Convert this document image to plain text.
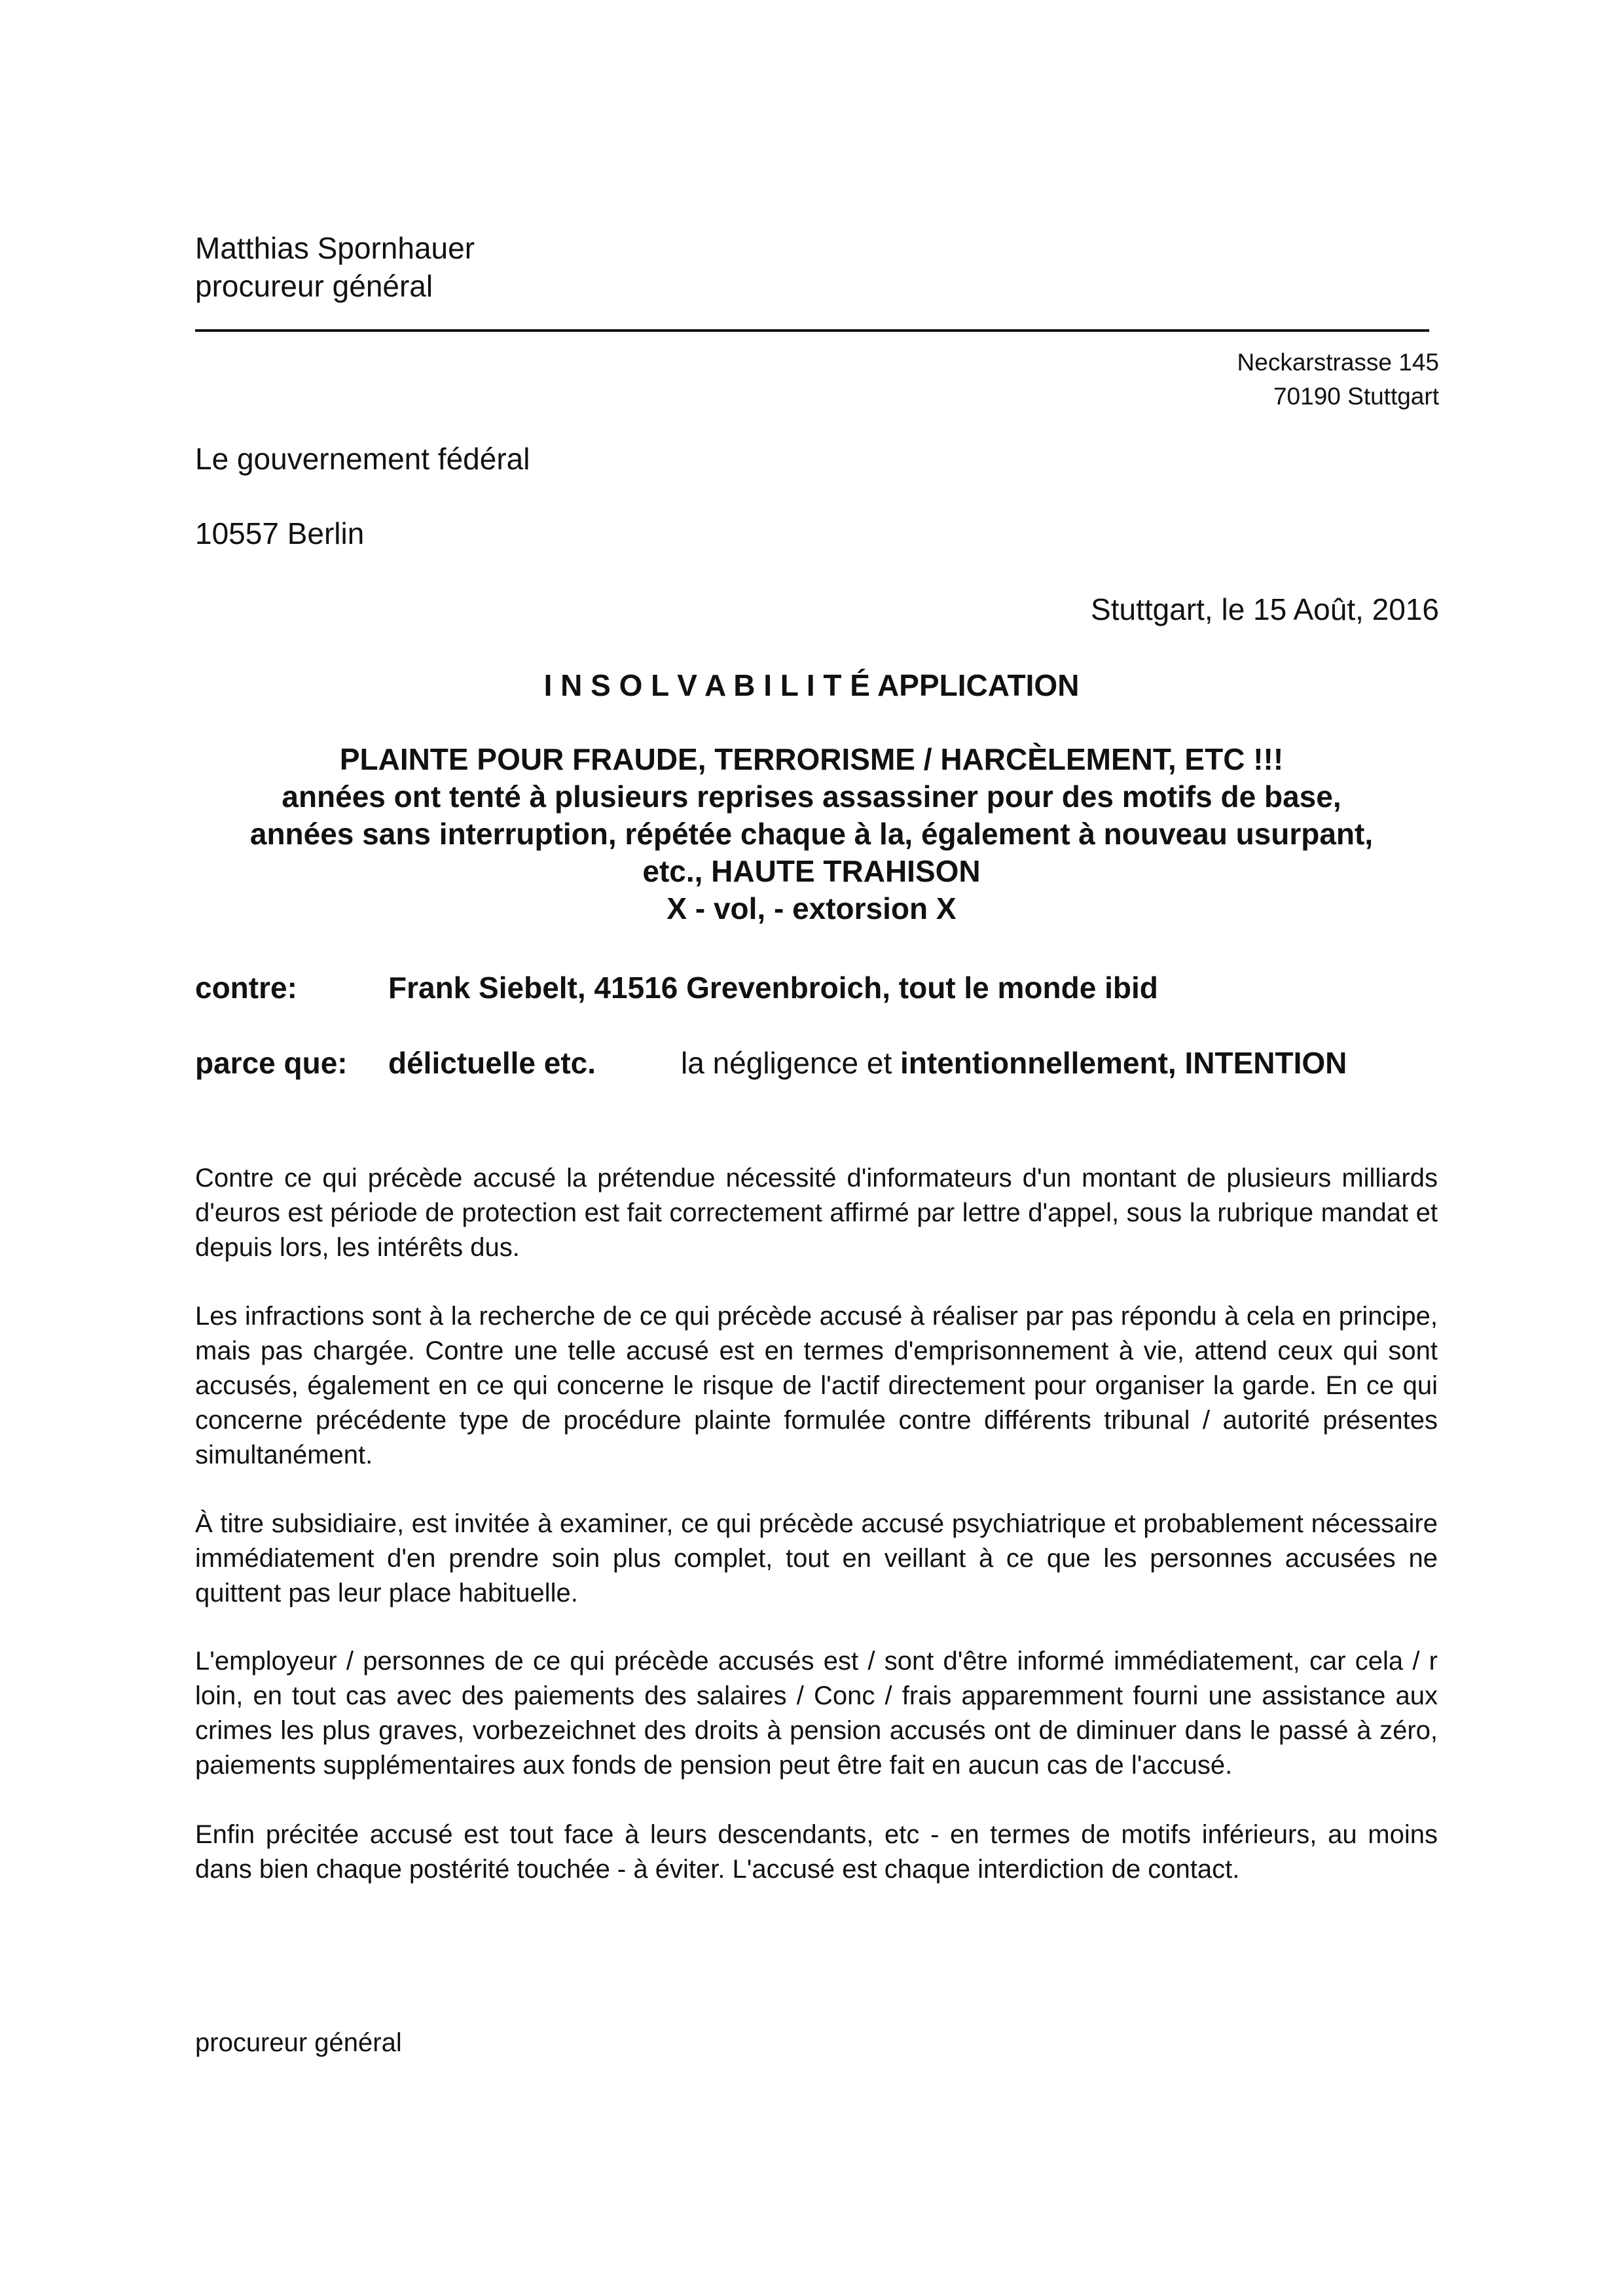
Matthias Spornhauer
procureur général
Neckarstrasse 145
70190 Stuttgart
Le gouvernement fédéral
10557 Berlin
Stuttgart, le 15 Août, 2016
I N S O L V A B I L I T É APPLICATION
PLAINTE POUR FRAUDE, TERRORISME / HARCÈLEMENT, ETC !!!
années ont tenté à plusieurs reprises assassiner pour des motifs de base,
années sans interruption, répétée chaque à la, également à nouveau usurpant,
etc., HAUTE TRAHISON
X - vol, - extorsion X
contre:	Frank Siebelt, 41516 Grevenbroich, tout le monde ibid
parce que: délictuelle etc.	la négligence et intentionnellement, INTENTION
Contre ce qui précède accusé la prétendue nécessité d'informateurs d'un montant de plusieurs milliards d'euros est période de protection est fait correctement affirmé par lettre d'appel, sous la rubrique mandat et depuis lors, les intérêts dus.
Les infractions sont à la recherche de ce qui précède accusé à réaliser par pas répondu à cela en principe, mais pas chargée. Contre une telle accusé est en termes d'emprisonnement à vie, attend ceux qui sont accusés, également en ce qui concerne le risque de l'actif directement pour organiser la garde. En ce qui concerne précédente type de procédure plainte formulée contre différents tribunal / autorité présentes simultanément.
À titre subsidiaire, est invitée à examiner, ce qui précède accusé psychiatrique et probablement nécessaire immédiatement d'en prendre soin plus complet, tout en veillant à ce que les personnes accusées ne quittent pas leur place habituelle.
L'employeur / personnes de ce qui précède accusés est / sont d'être informé immédiatement, car cela / r loin, en tout cas avec des paiements des salaires / Conc / frais apparemment fourni une assistance aux crimes les plus graves, vorbezeichnet des droits à pension accusés ont de diminuer dans le passé à zéro, paiements supplémentaires aux fonds de pension peut être fait en aucun cas de l'accusé.
Enfin précitée accusé est tout face à leurs descendants, etc - en termes de motifs inférieurs, au moins dans bien chaque postérité touchée - à éviter. L'accusé est chaque interdiction de contact.
procureur général
